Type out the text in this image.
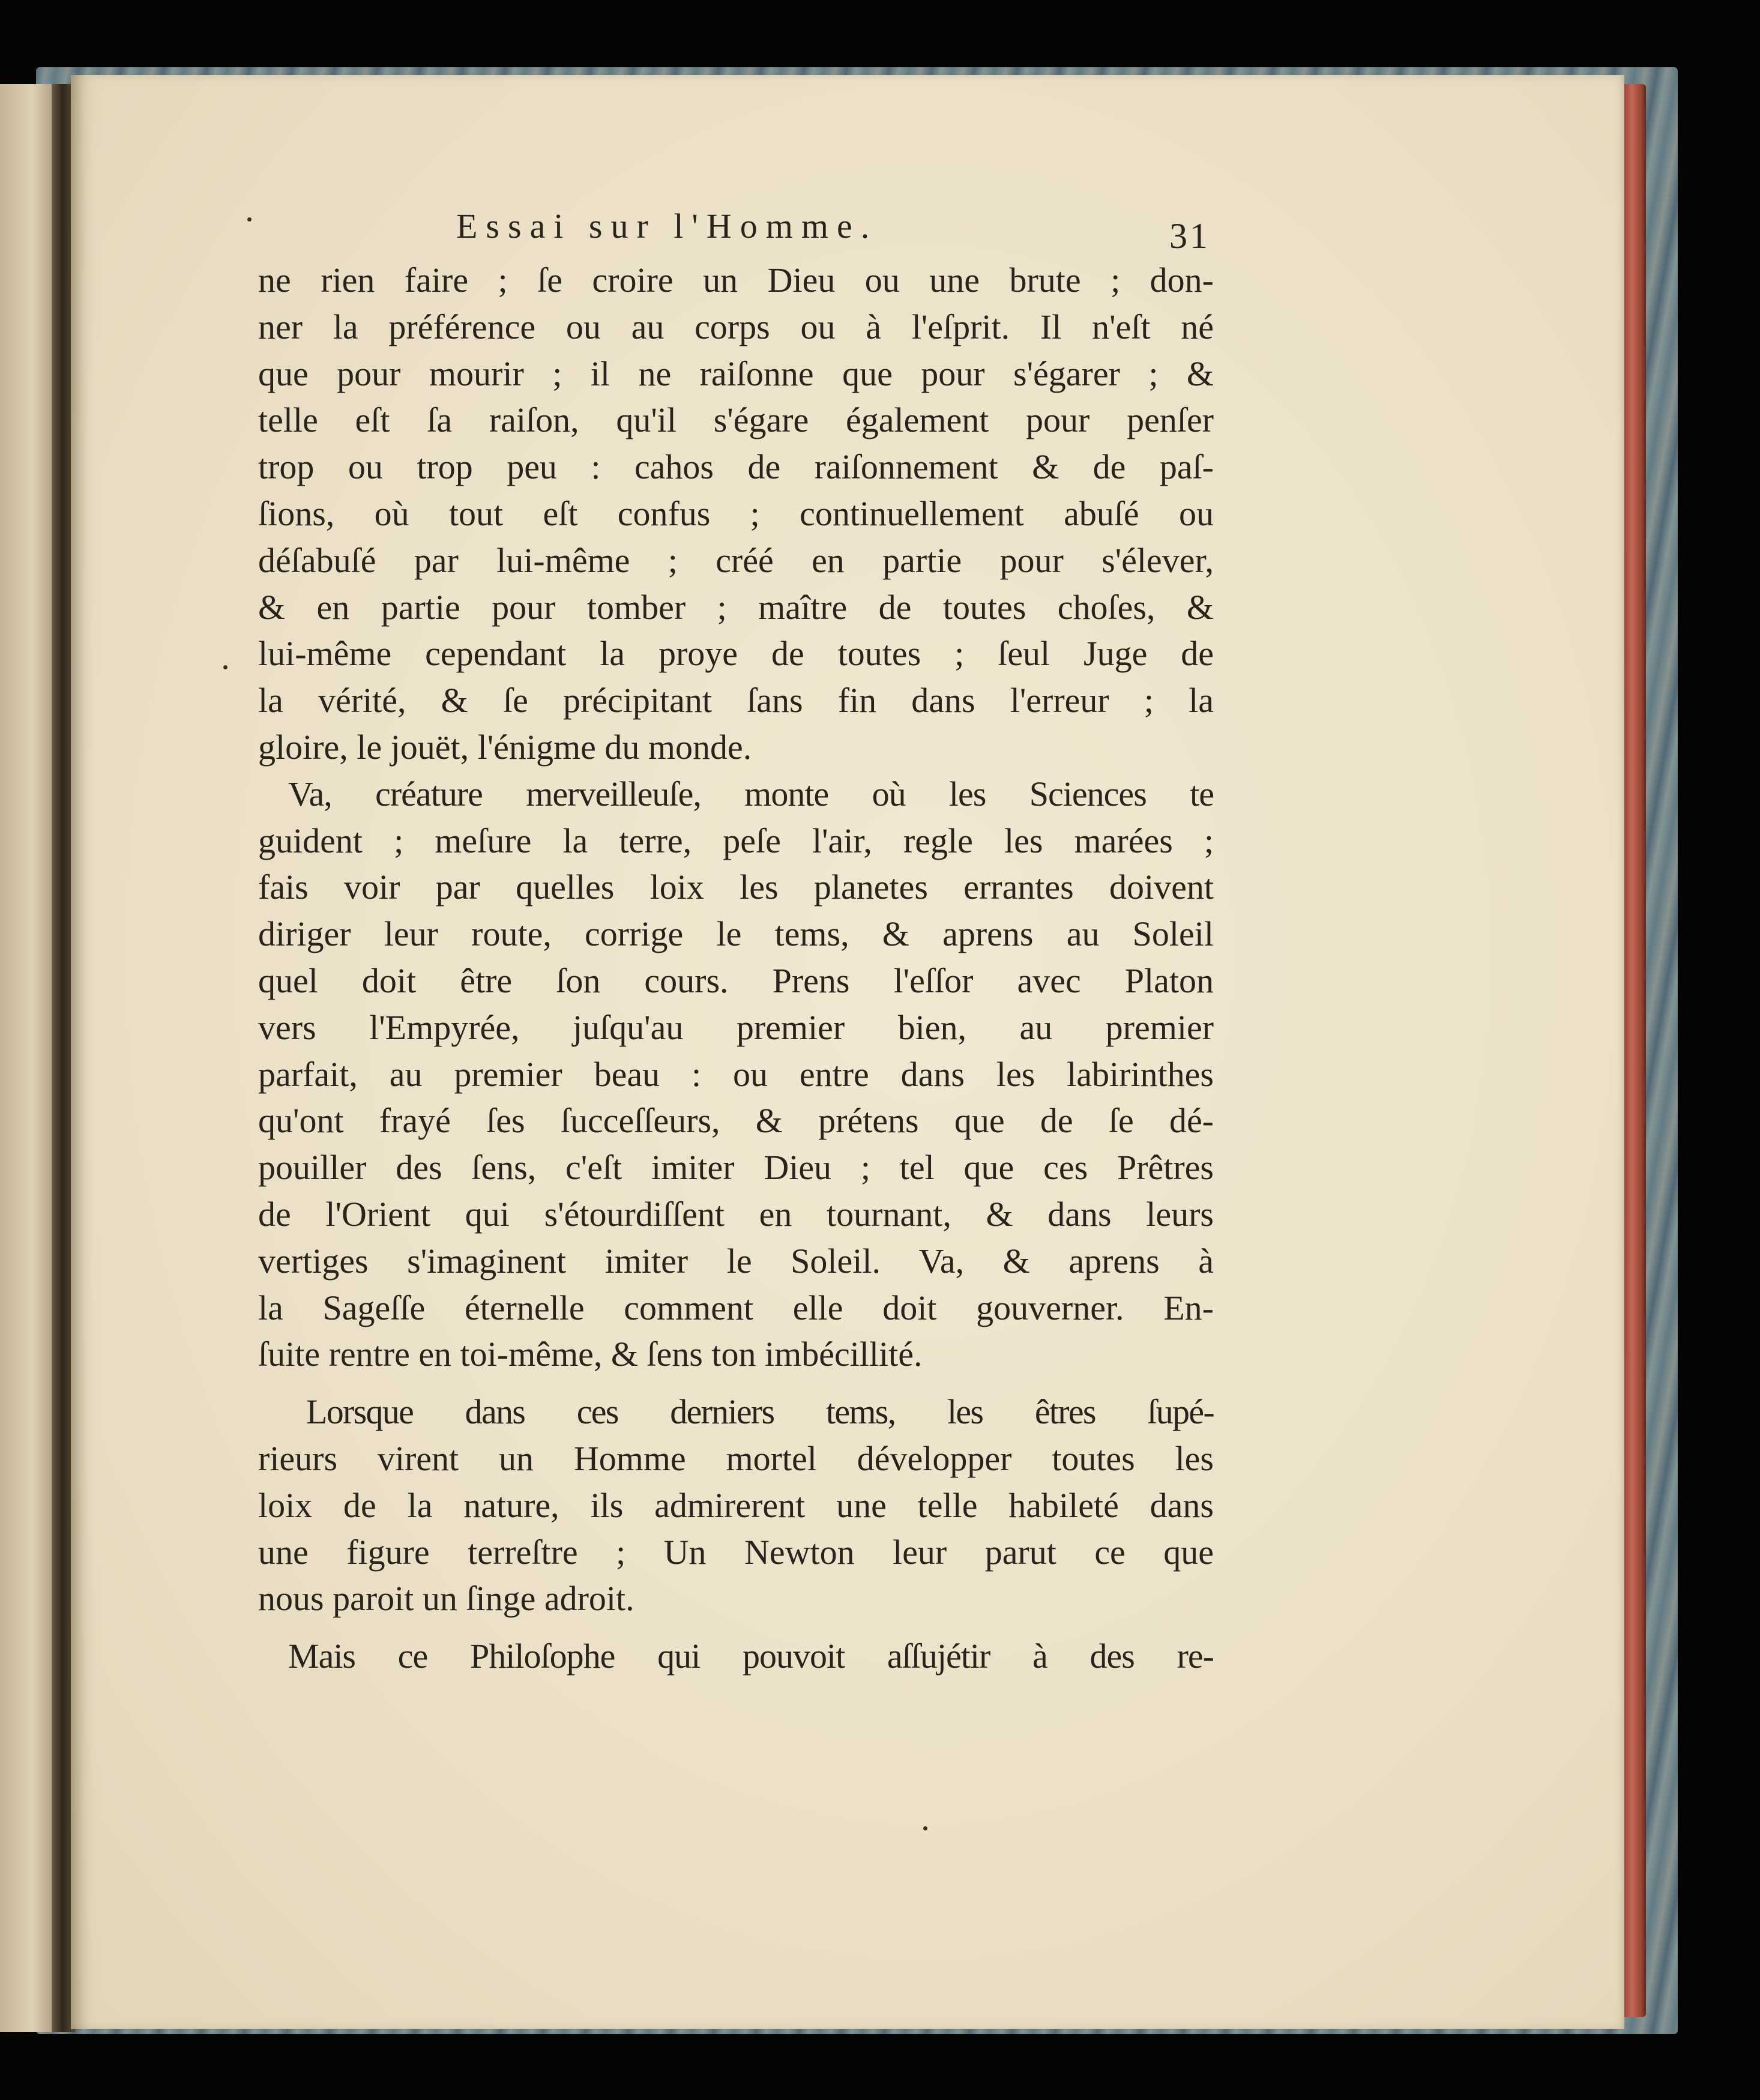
Essai sur l'Homme.	31
ne rien faire ; ſe croire un Dieu ou une brute ; don-
ner la préférence ou au corps ou à l'eſprit. Il n'eſt né
que pour mourir ; il ne raiſonne que pour s'égarer ; &
telle eſt ſa raiſon, qu'il s'égare également pour penſer
trop ou trop peu : cahos de raiſonnement & de paſ-
ſions, où tout eſt confus ; continuellement abuſé ou
déſabuſé par lui-même ; créé en partie pour s'élever,
& en partie pour tomber ; maître de toutes choſes, &
lui-même cependant la proye de toutes ; ſeul Juge de
la vérité, & ſe précipitant ſans fin dans l'erreur ; la
gloire, le jouët, l'énigme du monde.
Va, créature merveilleuſe, monte où les Sciences te
guident ; meſure la terre, peſe l'air, regle les marées ;
fais voir par quelles loix les planetes errantes doivent
diriger leur route, corrige le tems, & aprens au Soleil
quel doit être ſon cours. Prens l'eſſor avec Platon
vers l'Empyrée, juſqu'au premier bien, au premier
parfait, au premier beau : ou entre dans les labirinthes
qu'ont frayé ſes ſucceſſeurs, & prétens que de ſe dé-
pouiller des ſens, c'eſt imiter Dieu ; tel que ces Prêtres
de l'Orient qui s'étourdiſſent en tournant, & dans leurs
vertiges s'imaginent imiter le Soleil. Va, & aprens à
la Sageſſe éternelle comment elle doit gouverner. En-
ſuite rentre en toi-même, & ſens ton imbécillité.
Lorsque dans ces derniers tems, les êtres ſupé-
rieurs virent un Homme mortel développer toutes les
loix de la nature, ils admirerent une telle habileté dans
une figure terreſtre ; Un Newton leur parut ce que
nous paroit un ſinge adroit.
Mais ce Philoſophe qui pouvoit aſſujétir à des re-
